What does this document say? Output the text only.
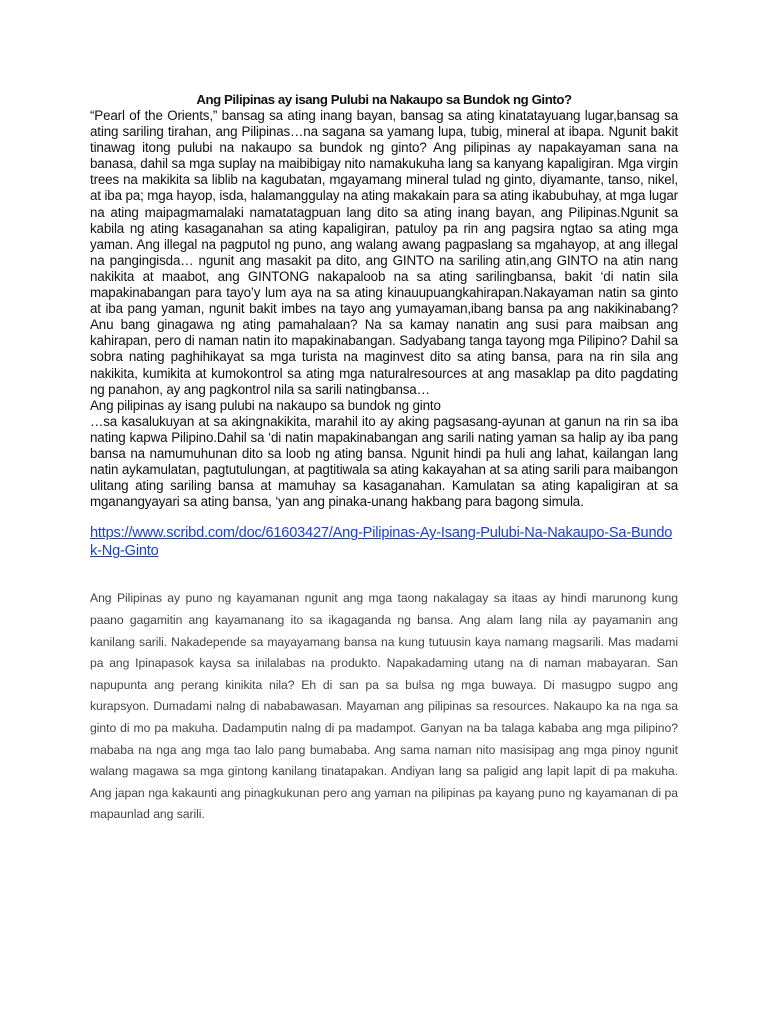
Ang Pilipinas ay isang Pulubi na Nakaupo sa Bundok ng Ginto?

“Pearl of the Orients,” bansag sa ating inang bayan, bansag sa ating kinatatayuang lugar,bansag sa ating sariling tirahan, ang Pilipinas…na sagana sa yamang lupa, tubig, mineral at ibapa. Ngunit bakit tinawag itong pulubi na nakaupo sa bundok ng ginto? Ang pilipinas ay napakayaman sana na banasa, dahil sa mga suplay na maibibigay nito namakukuha lang sa kanyang kapaligiran. Mga virgin trees na makikita sa liblib na kagubatan, mgayamang mineral tulad ng ginto, diyamante, tanso, nikel, at iba pa; mga hayop, isda, halamanggulay na ating makakain para sa ating ikabubuhay, at mga lugar na ating maipagmamalaki namatatagpuan lang dito sa ating inang bayan, ang Pilipinas.Ngunit sa kabila ng ating kasaganahan sa ating kapaligiran, patuloy pa rin ang pagsira ngtao sa ating mga yaman. Ang illegal na pagputol ng puno, ang walang awang pagpaslang sa mgahayop, at ang illegal na pangingisda… ngunit ang masakit pa dito, ang GINTO na sariling atin,ang GINTO na atin nang nakikita at maabot, ang GINTONG nakapaloob na sa ating sarilingbansa, bakit ‘di natin sila mapakinabangan para tayo’y lum aya na sa ating kinauupuangkahirapan.Nakayaman natin sa ginto at iba pang yaman, ngunit bakit imbes na tayo ang yumayaman,ibang bansa pa ang nakikinabang? Anu bang ginagawa ng ating pamahalaan? Na sa kamay nanatin ang susi para maibsan ang kahirapan, pero di naman natin ito mapakinabangan. Sadyabang tanga tayong mga Pilipino? Dahil sa sobra nating paghihikayat sa mga turista na maginvest dito sa ating bansa, para na rin sila ang nakikita, kumikita at kumokontrol sa ating mga naturalresources at ang masaklap pa dito pagdating ng panahon, ay ang pagkontrol nila sa sarili natingbansa…

Ang pilipinas ay isang pulubi na nakaupo sa bundok ng ginto

…sa kasalukuyan at sa akingnakikita, marahil ito ay aking pagsasang-ayunan at ganun na rin sa iba nating kapwa Pilipino.Dahil sa ‘di natin mapakinabangan ang sarili nating yaman sa halip ay iba pang bansa na namumuhunan dito sa loob ng ating bansa. Ngunit hindi pa huli ang lahat, kailangan lang natin aykamulatan, pagtutulungan, at pagtitiwala sa ating kakayahan at sa ating sarili para maibangon ulitang ating sariling bansa at mamuhay sa kasaganahan. Kamulatan sa ating kapaligiran at sa mganangyayari sa ating bansa, ‘yan ang pinaka-unang hakbang para bagong simula.

https://www.scribd.com/doc/61603427/Ang-Pilipinas-Ay-Isang-Pulubi-Na-Nakaupo-Sa-Bundok-Ng-Ginto

Ang Pilipinas ay puno ng kayamanan ngunit ang mga taong nakalagay sa itaas ay hindi marunong kung paano gagamitin ang kayamanang ito sa ikagaganda ng bansa. Ang alam lang nila ay payamanin ang kanilang sarili. Nakadepende sa mayayamang bansa na kung tutuusin kaya namang magsarili. Mas madami pa ang Ipinapasok kaysa sa inilalabas na produkto. Napakadaming utang na di naman mabayaran. San napupunta ang perang kinikita nila? Eh di san pa sa bulsa ng mga buwaya. Di masugpo sugpo ang kurapsyon. Dumadami nalng di nababawasan. Mayaman ang pilipinas sa resources. Nakaupo ka na nga sa ginto di mo pa makuha. Dadamputin nalng di pa madampot. Ganyan na ba talaga kababa ang mga pilipino? mababa na nga ang mga tao lalo pang bumababa. Ang sama naman nito masisipag ang mga pinoy ngunit walang magawa sa mga gintong kanilang tinatapakan. Andiyan lang sa paligid ang lapit lapit di pa makuha. Ang japan nga kakaunti ang pinagkukunan pero ang yaman na pilipinas pa kayang puno ng kayamanan di pa mapaunlad ang sarili.
